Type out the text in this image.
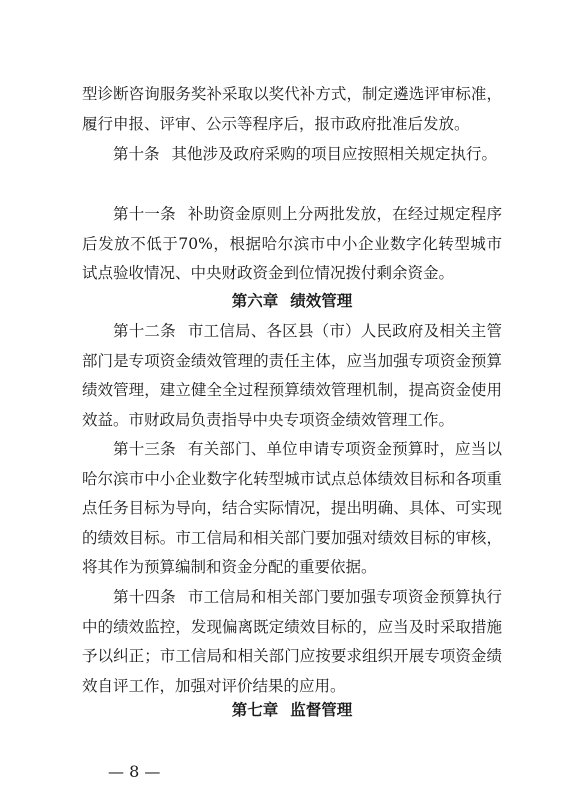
型诊断咨询服务奖补采取以奖代补方式，制定遴选评审标准，履行申报、评审、公示等程序后，报市政府批准后发放。

第十条 其他涉及政府采购的项目应按照相关规定执行。

第十一条 补助资金原则上分两批发放，在经过规定程序后发放不低于70%，根据哈尔滨市中小企业数字化转型城市试点验收情况、中央财政资金到位情况拨付剩余资金。

第六章 绩效管理

第十二条 市工信局、各区县（市）人民政府及相关主管部门是专项资金绩效管理的责任主体，应当加强专项资金预算绩效管理，建立健全全过程预算绩效管理机制，提高资金使用效益。市财政局负责指导中央专项资金绩效管理工作。

第十三条 有关部门、单位申请专项资金预算时，应当以哈尔滨市中小企业数字化转型城市试点总体绩效目标和各项重点任务目标为导向，结合实际情况，提出明确、具体、可实现的绩效目标。市工信局和相关部门要加强对绩效目标的审核，将其作为预算编制和资金分配的重要依据。

第十四条 市工信局和相关部门要加强专项资金预算执行中的绩效监控，发现偏离既定绩效目标的，应当及时采取措施予以纠正；市工信局和相关部门应按要求组织开展专项资金绩效自评工作，加强对评价结果的应用。

第七章 监督管理

— 8 —
